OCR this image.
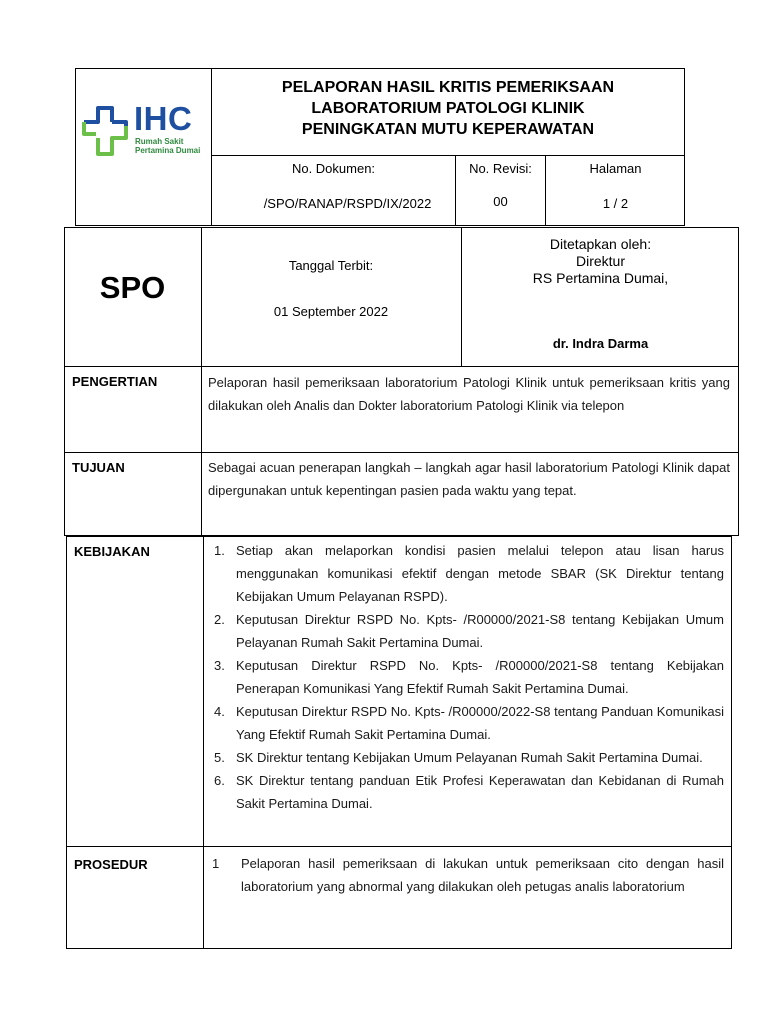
IHC
Rumah Sakit
Pertamina Dumai
PELAPORAN HASIL KRITIS PEMERIKSAAN
LABORATORIUM PATOLOGI KLINIK
PENINGKATAN MUTU KEPERAWATAN
No. Dokumen:
/SPO/RANAP/RSPD/IX/2022
No. Revisi:
00
Halaman
1 / 2
SPO
Tanggal Terbit:
01 September 2022
Ditetapkan oleh:
Direktur
RS Pertamina Dumai,
dr. Indra Darma
PENGERTIAN	Pelaporan hasil pemeriksaan laboratorium Patologi Klinik untuk pemeriksaan kritis yang dilakukan oleh Analis dan Dokter laboratorium Patologi Klinik via telepon
TUJUAN	Sebagai acuan penerapan langkah – langkah agar hasil laboratorium Patologi Klinik dapat dipergunakan untuk kepentingan pasien pada waktu yang tepat.
KEBIJAKAN	1. Setiap akan melaporkan kondisi pasien melalui telepon atau lisan harus menggunakan komunikasi efektif dengan metode SBAR (SK Direktur tentang Kebijakan Umum Pelayanan RSPD).
2. Keputusan Direktur RSPD No. Kpts- /R00000/2021-S8 tentang Kebijakan Umum Pelayanan Rumah Sakit Pertamina Dumai.
3. Keputusan Direktur RSPD No. Kpts- /R00000/2021-S8 tentang Kebijakan Penerapan Komunikasi Yang Efektif Rumah Sakit Pertamina Dumai.
4. Keputusan Direktur RSPD No. Kpts- /R00000/2022-S8 tentang Panduan Komunikasi Yang Efektif Rumah Sakit Pertamina Dumai.
5. SK Direktur tentang Kebijakan Umum Pelayanan Rumah Sakit Pertamina Dumai.
6. SK Direktur tentang panduan Etik Profesi Keperawatan dan Kebidanan di Rumah Sakit Pertamina Dumai.
PROSEDUR	1 Pelaporan hasil pemeriksaan di lakukan untuk pemeriksaan cito dengan hasil laboratorium yang abnormal yang dilakukan oleh petugas analis laboratorium
